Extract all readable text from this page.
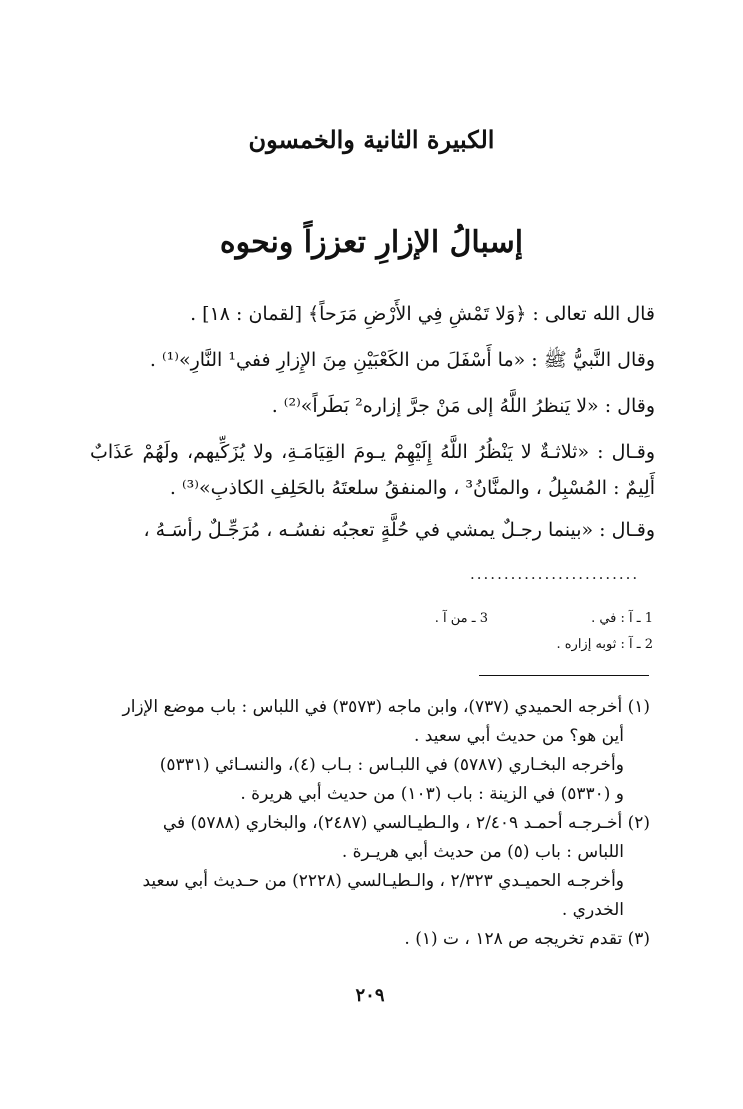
الكبيرة الثانية والخمسون
إسبالُ الإزارِ تعززاً ونحوه

قال الله تعالى : ﴿وَلا تَمْشِ فِي الأَرْضِ مَرَحاً﴾ [لقمان : ١٨] .

وقال النَّبيُّ ﷺ : «ما أَسْفَلَ من الكَعْبَيْنِ مِنَ الإِزارِ ففي¹ النَّارِ»⁽¹⁾ .

وقال : «لا يَنظرُ اللَّهُ إلى مَنْ جرَّ إزاره² بَطَراً»⁽²⁾ .

وقـال : «ثلاثـةٌ لا يَنْظُرُ اللَّهُ إِلَيْهِمْ يـومَ القِيَامَـةِ، ولا يُزَكِّيهم، ولَهُمْ عَذَابٌ أَلِيمٌ : المُسْبِلُ ، والمنَّانُ³ ، والمنفقُ سلعتَهُ بالحَلِفِ الكاذبِ»⁽³⁾ .

وقـال : «بينما رجـلٌ يمشي في حُلَّةٍ تعجبُه نفسُـه ، مُرَجِّـلٌ رأسَـهُ ،

.........................
1 ـ آ : في .
3 ـ من آ .
2 ـ آ : ثوبه إزاره .

(١) أخرجه الحميدي (٧٣٧)، وابن ماجه (٣٥٧٣) في اللباس : باب موضع الإزار

أين هو؟ من حديث أبي سعيد .

وأخرجه البخـاري (٥٧٨٧) في اللبـاس : بـاب (٤)، والنسـائي (٥٣٣١)

و (٥٣٣٠) في الزينة : باب (١٠٣) من حديث أبي هريرة .

(٢) أخـرجـه أحمـد ٢/٤٠٩ ، والـطيـالسي (٢٤٨٧)، والبخاري (٥٧٨٨) في

اللباس : باب (٥) من حديث أبي هريـرة .

وأخرجـه الحميـدي ٢/٣٢٣ ، والـطيـالسي (٢٢٢٨) من حـديث أبي سعيد

الخدري .

(٣) تقدم تخريجه ص ١٢٨ ، ت (١) .

٢٠٩
